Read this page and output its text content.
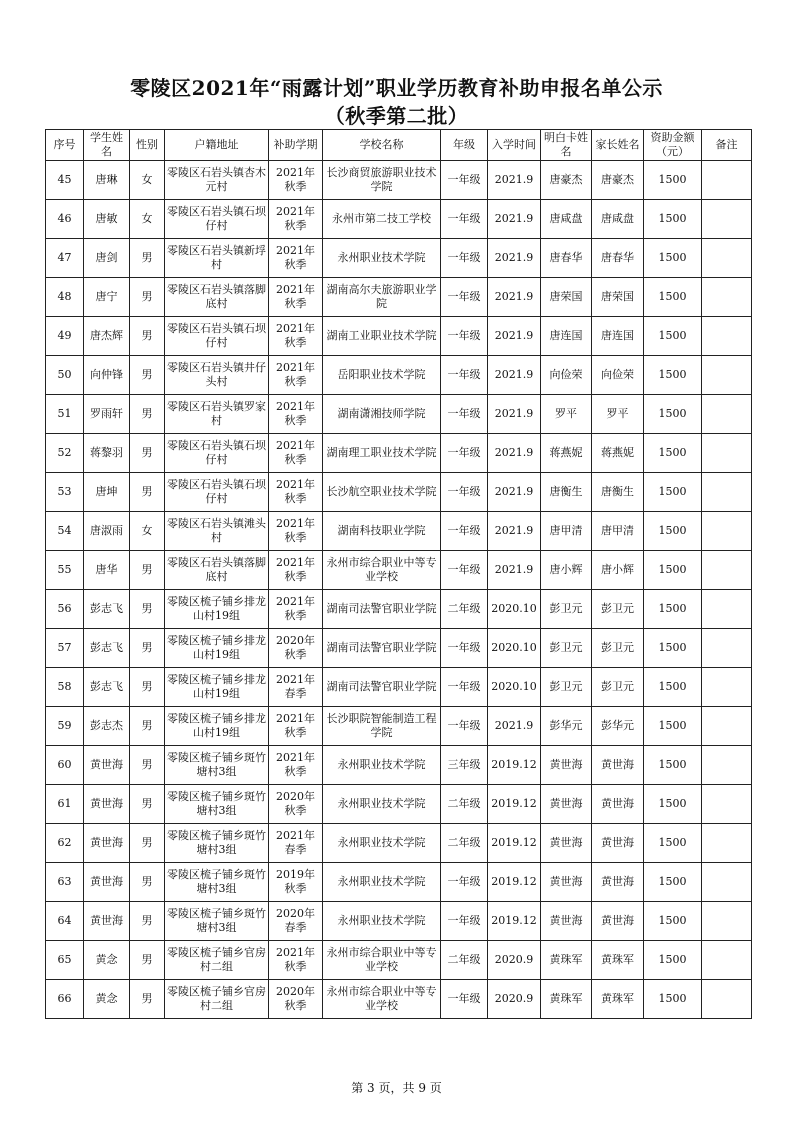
零陵区2021年“雨露计划”职业学历教育补助申报名单公示
（秋季第二批）
序号	学生姓名	性别	户籍地址	补助学期	学校名称	年级	入学时间	明白卡姓名	家长姓名	资助金额（元）	备注
45	唐琳	女	零陵区石岩头镇杏木元村	2021年秋季	长沙商贸旅游职业技术学院	一年级	2021.9	唐豪杰	唐豪杰	1500	
46	唐敏	女	零陵区石岩头镇石坝仔村	2021年秋季	永州市第二技工学校	一年级	2021.9	唐咸盘	唐咸盘	1500	
47	唐剑	男	零陵区石岩头镇新垺村	2021年秋季	永州职业技术学院	一年级	2021.9	唐春华	唐春华	1500	
48	唐宁	男	零陵区石岩头镇落脚底村	2021年秋季	湖南高尔夫旅游职业学院	一年级	2021.9	唐荣国	唐荣国	1500	
49	唐杰辉	男	零陵区石岩头镇石坝仔村	2021年秋季	湖南工业职业技术学院	一年级	2021.9	唐连国	唐连国	1500	
50	向仲锋	男	零陵区石岩头镇井仔头村	2021年秋季	岳阳职业技术学院	一年级	2021.9	向俭荣	向俭荣	1500	
51	罗雨轩	男	零陵区石岩头镇罗家村	2021年秋季	湖南潇湘技师学院	一年级	2021.9	罗平	罗平	1500	
52	蒋黎羽	男	零陵区石岩头镇石坝仔村	2021年秋季	湖南理工职业技术学院	一年级	2021.9	蒋燕妮	蒋燕妮	1500	
53	唐坤	男	零陵区石岩头镇石坝仔村	2021年秋季	长沙航空职业技术学院	一年级	2021.9	唐衡生	唐衡生	1500	
54	唐淑雨	女	零陵区石岩头镇滩头村	2021年秋季	湖南科技职业学院	一年级	2021.9	唐甲清	唐甲清	1500	
55	唐华	男	零陵区石岩头镇落脚底村	2021年秋季	永州市综合职业中等专业学校	一年级	2021.9	唐小辉	唐小辉	1500	
56	彭志飞	男	零陵区梳子铺乡排龙山村19组	2021年秋季	湖南司法警官职业学院	二年级	2020.10	彭卫元	彭卫元	1500	
57	彭志飞	男	零陵区梳子铺乡排龙山村19组	2020年秋季	湖南司法警官职业学院	一年级	2020.10	彭卫元	彭卫元	1500	
58	彭志飞	男	零陵区梳子铺乡排龙山村19组	2021年春季	湖南司法警官职业学院	一年级	2020.10	彭卫元	彭卫元	1500	
59	彭志杰	男	零陵区梳子铺乡排龙山村19组	2021年秋季	长沙职院智能制造工程学院	一年级	2021.9	彭华元	彭华元	1500	
60	黄世海	男	零陵区梳子铺乡斑竹塘村3组	2021年秋季	永州职业技术学院	三年级	2019.12	黄世海	黄世海	1500	
61	黄世海	男	零陵区梳子铺乡斑竹塘村3组	2020年秋季	永州职业技术学院	二年级	2019.12	黄世海	黄世海	1500	
62	黄世海	男	零陵区梳子铺乡斑竹塘村3组	2021年春季	永州职业技术学院	二年级	2019.12	黄世海	黄世海	1500	
63	黄世海	男	零陵区梳子铺乡斑竹塘村3组	2019年秋季	永州职业技术学院	一年级	2019.12	黄世海	黄世海	1500	
64	黄世海	男	零陵区梳子铺乡斑竹塘村3组	2020年春季	永州职业技术学院	一年级	2019.12	黄世海	黄世海	1500	
65	黄念	男	零陵区梳子铺乡官房村二组	2021年秋季	永州市综合职业中等专业学校	二年级	2020.9	黄珠军	黄珠军	1500	
66	黄念	男	零陵区梳子铺乡官房村二组	2020年秋季	永州市综合职业中等专业学校	一年级	2020.9	黄珠军	黄珠军	1500	
第 3 页，共 9 页
